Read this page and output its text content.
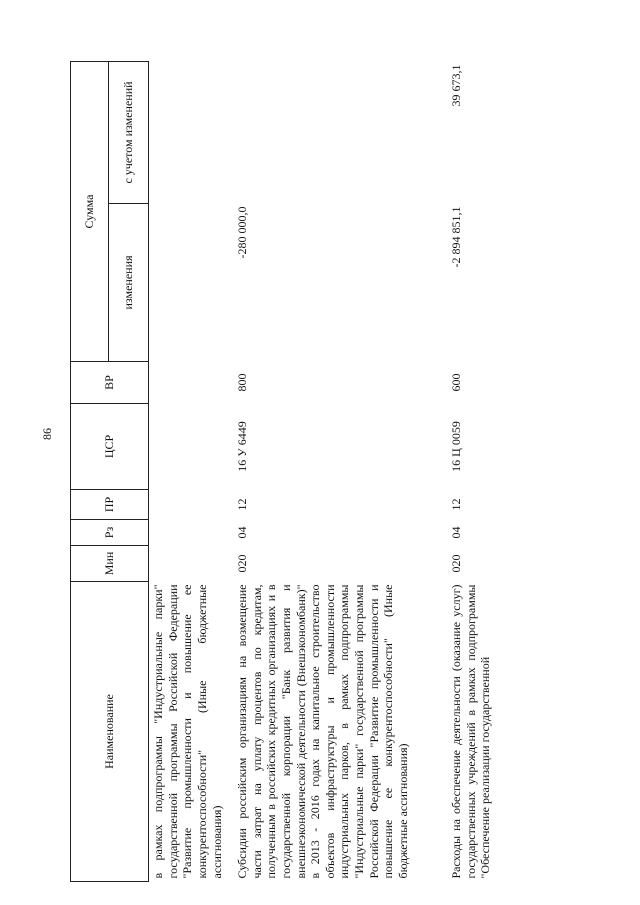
86
Наименование	Мин	Рз	ПР	ЦСР	ВР	Сумма	
						изменения	с учетом изменений
в рамках подпрограммы "Индустриальные парки" государственной программы Российской Федерации "Развитие промышленности и повышение ее конкурентоспособности" (Иные бюджетные ассигнования)							
Субсидии российским организациям на возмещение части затрат на уплату процентов по кредитам, полученным в российских кредитных организациях и в государственной корпорации "Банк развития и внешнеэкономической деятельности (Внешэкономбанк)" в 2013 - 2016 годах на капитальное строительство объектов инфраструктуры и промышленности индустриальных парков, в рамках подпрограммы "Индустриальные парки" государственной программы Российской Федерации "Развитие промышленности и повышение ее конкурентоспособности" (Иные бюджетные ассигнования)	020	04	12	16 У 6449	800	-280 000,0	
Расходы на обеспечение деятельности (оказание услуг) государственных учреждений в рамках подпрограммы "Обеспечение реализации государственной	020	04	12	16 Ц 0059	600	-2 894 851,1	39 673,1
